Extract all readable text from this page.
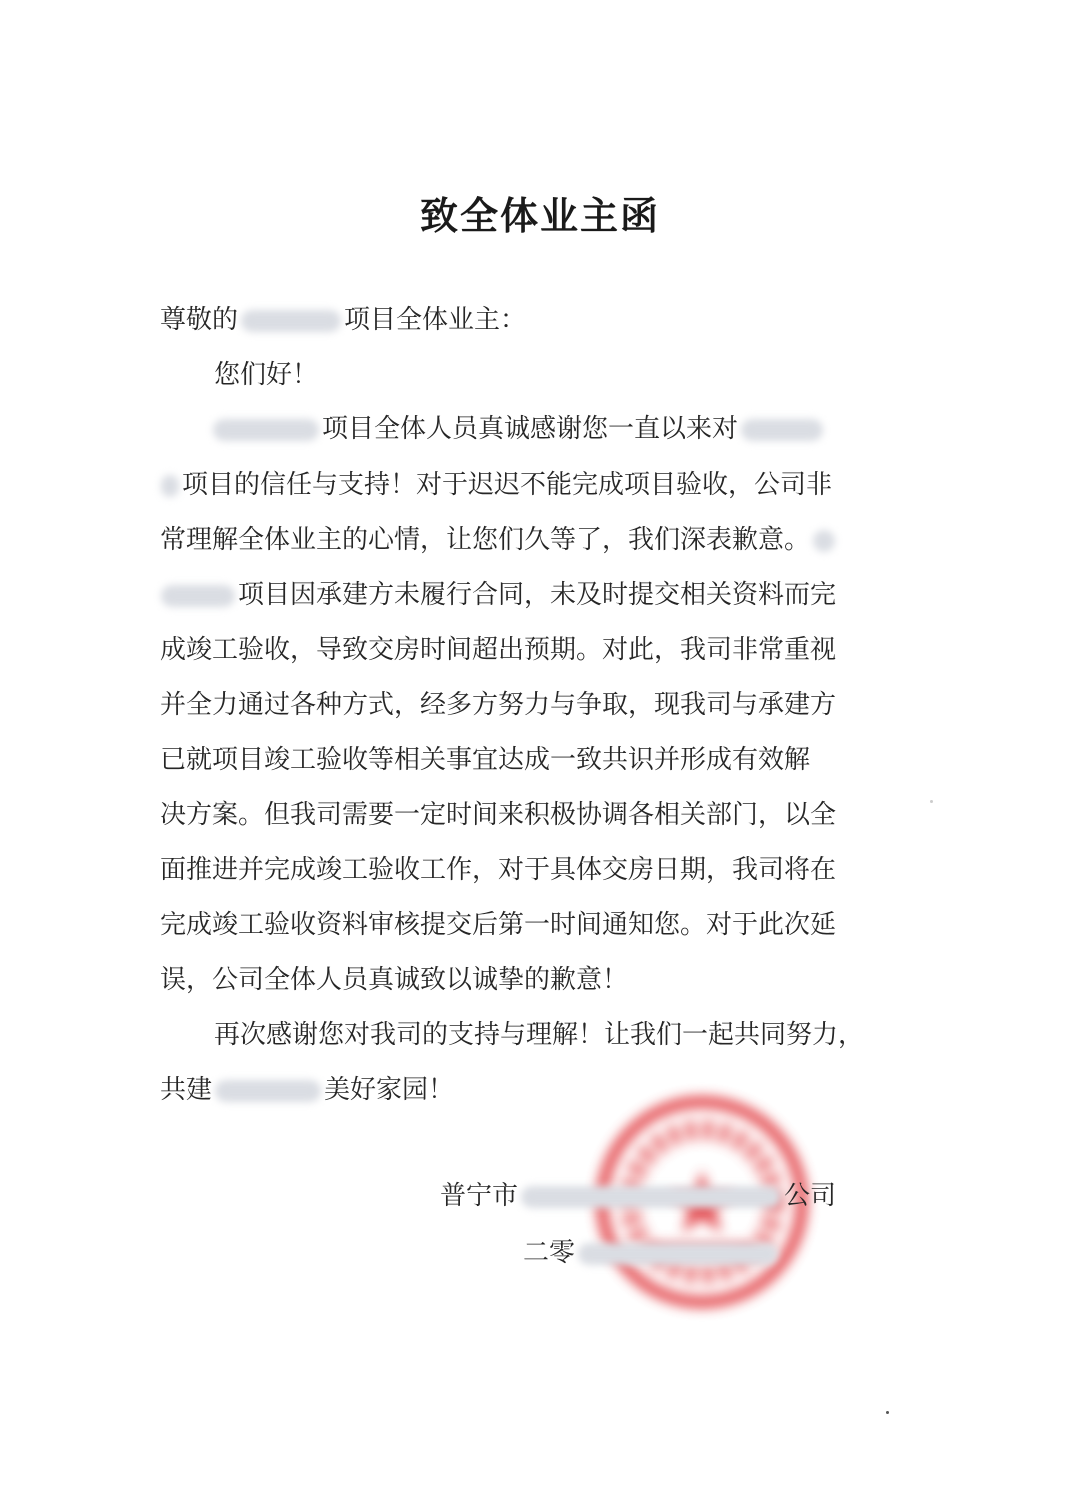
致全体业主函
尊敬的	项目全体业主：
您们好！
项目全体人员真诚感谢您一直以来对
项目的信任与支持！对于迟迟不能完成项目验收，公司非
常理解全体业主的心情，让您们久等了，我们深表歉意。
项目因承建方未履行合同，未及时提交相关资料而完
成竣工验收，导致交房时间超出预期。对此，我司非常重视
并全力通过各种方式，经多方努力与争取，现我司与承建方
已就项目竣工验收等相关事宜达成一致共识并形成有效解
决方案。但我司需要一定时间来积极协调各相关部门，以全
面推进并完成竣工验收工作，对于具体交房日期，我司将在
完成竣工验收资料审核提交后第一时间通知您。对于此次延
误，公司全体人员真诚致以诚挚的歉意！
再次感谢您对我司的支持与理解！让我们一起共同努力，
共建	美好家园！
普宁市	公司
二零
